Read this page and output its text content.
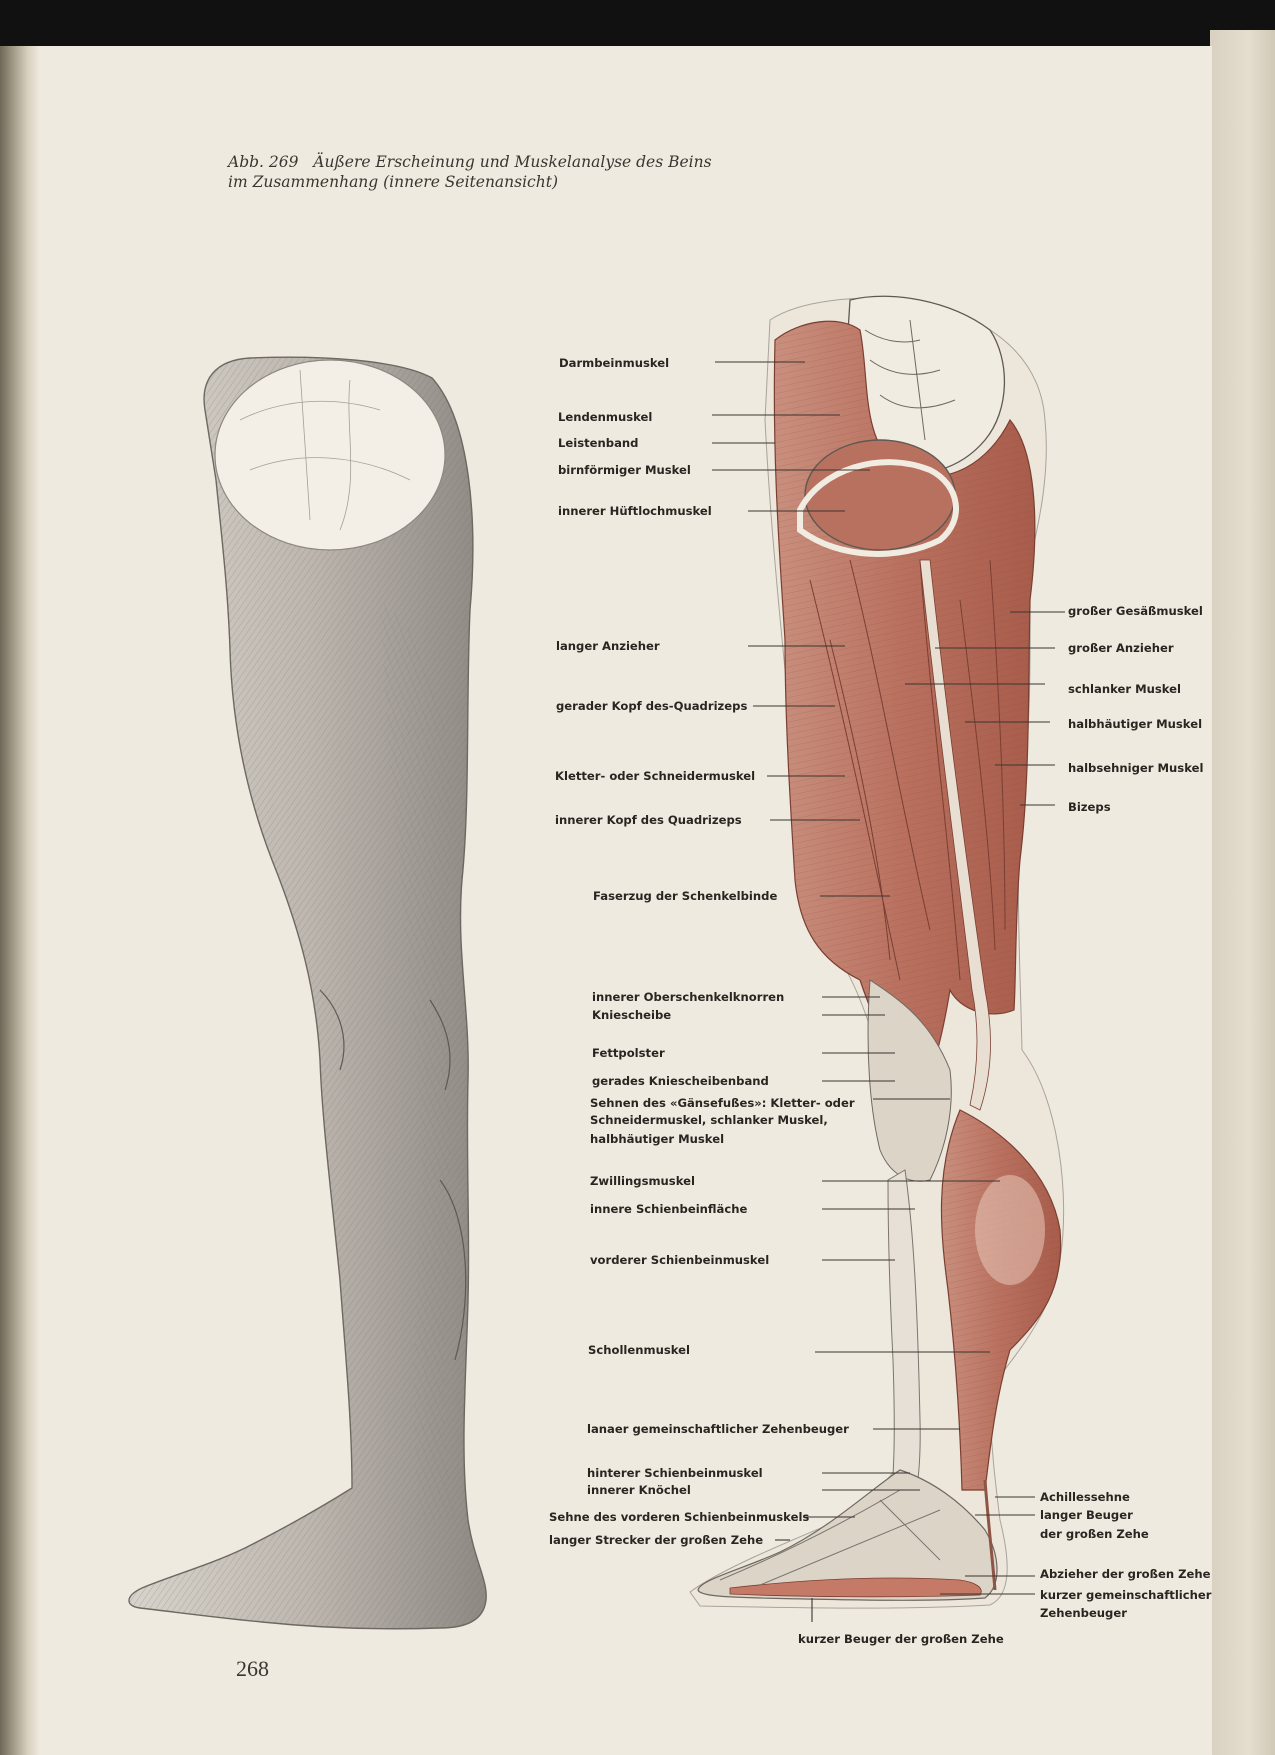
Abb. 269 Äußere Erscheinung und Muskelanalyse des Beins
im Zusammenhang (innere Seitenansicht)
Darmbeinmuskel
Lendenmuskel
Leistenband
birnförmiger Muskel
innerer Hüftlochmuskel
langer Anzieher
gerader Kopf des-Quadrizeps
Kletter- oder Schneidermuskel
innerer Kopf des Quadrizeps
Faserzug der Schenkelbinde
innerer Oberschenkelknorren
Kniescheibe
Fettpolster
gerades Kniescheibenband
Sehnen des «Gänsefußes»: Kletter- oder
Schneidermuskel, schlanker Muskel,
halbhäutiger Muskel
Zwillingsmuskel
innere Schienbeinfläche
vorderer Schienbeinmuskel
Schollenmuskel
lanaer gemeinschaftlicher Zehenbeuger
hinterer Schienbeinmuskel
innerer Knöchel
Sehne des vorderen Schienbeinmuskels
langer Strecker der großen Zehe
großer Gesäßmuskel
großer Anzieher
schlanker Muskel
halbhäutiger Muskel
halbsehniger Muskel
Bizeps
Achillessehne
langer Beuger
der großen Zehe
Abzieher der großen Zehe
kurzer gemeinschaftlicher
Zehenbeuger
kurzer Beuger der großen Zehe
268
